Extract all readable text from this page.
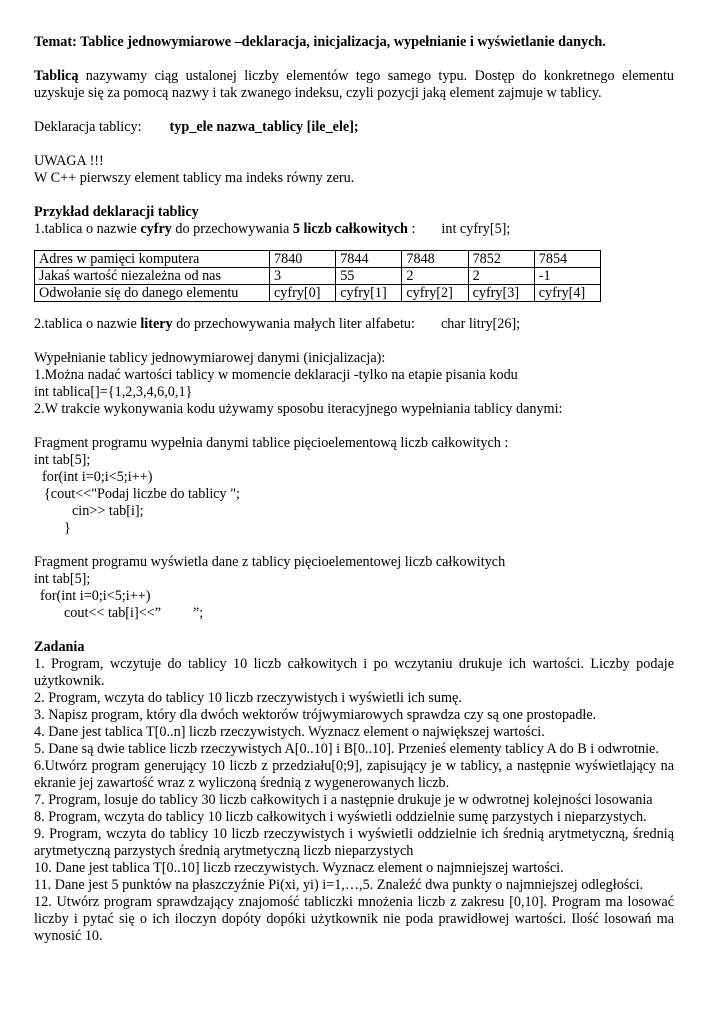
Temat: Tablice jednowymiarowe –deklaracja, inicjalizacja, wypełnianie i wyświetlanie danych.

Tablicą nazywamy ciąg ustalonej liczby elementów tego samego typu. Dostęp do konkretnego elementu uzyskuje się za pomocą nazwy i tak zwanego indeksu, czyli pozycji jaką element zajmuje w tablicy.

Deklaracja tablicy: typ_ele nazwa_tablicy [ile_ele];

UWAGA !!!

W C++ pierwszy element tablicy ma indeks równy zeru.

Przykład deklaracji tablicy

1.tablica o nazwie cyfry do przechowywania 5 liczb całkowitych : int cyfry[5];

Adres w pamięci komputera	7840	7844	7848	7852	7854
Jakaś wartość niezależna od nas	3	55	2	2	-1
Odwołanie się do danego elementu	cyfry[0]	cyfry[1]	cyfry[2]	cyfry[3]	cyfry[4]

2.tablica o nazwie litery do przechowywania małych liter alfabetu: char litry[26];

Wypełnianie tablicy jednowymiarowej danymi (inicjalizacja):

1.Można nadać wartości tablicy w momencie deklaracji -tylko na etapie pisania kodu

int tablica[]={1,2,3,4,6,0,1}

2.W trakcie wykonywania kodu używamy sposobu iteracyjnego wypełniania tablicy danymi:

Fragment programu wypełnia danymi tablice pięcioelementową liczb całkowitych :

int tab[5];

for(int i=0;i<5;i++)

{cout<<"Podaj liczbe do tablicy ";

cin>> tab[i];

}

Fragment programu wyświetla dane z tablicy pięcioelementowej liczb całkowitych

int tab[5];

for(int i=0;i<5;i++)

cout<< tab[i]<<” ”;

Zadania

1. Program, wczytuje do tablicy 10 liczb całkowitych i po wczytaniu drukuje ich wartości. Liczby podaje użytkownik.

2. Program, wczyta do tablicy 10 liczb rzeczywistych i wyświetli ich sumę.

3. Napisz program, który dla dwóch wektorów trójwymiarowych sprawdza czy są one prostopadłe.

4. Dane jest tablica T[0..n] liczb rzeczywistych. Wyznacz element o największej wartości.

5. Dane są dwie tablice liczb rzeczywistych A[0..10] i B[0..10]. Przenieś elementy tablicy A do B i odwrotnie.

6.Utwórz program generujący 10 liczb z przedziału[0;9], zapisujący je w tablicy, a następnie wyświetlający na ekranie jej zawartość wraz z wyliczoną średnią z wygenerowanych liczb.

7. Program, losuje do tablicy 30 liczb całkowitych i a następnie drukuje je w odwrotnej kolejności losowania

8. Program, wczyta do tablicy 10 liczb całkowitych i wyświetli oddzielnie sumę parzystych i nieparzystych.

9. Program, wczyta do tablicy 10 liczb rzeczywistych i wyświetli oddzielnie ich średnią arytmetyczną, średnią arytmetyczną parzystych średnią arytmetyczną liczb nieparzystych

10. Dane jest tablica T[0..10] liczb rzeczywistych. Wyznacz element o najmniejszej wartości.

11. Dane jest 5 punktów na płaszczyźnie Pi(xi, yi) i=1,…,5. Znaleźć dwa punkty o najmniejszej odległości.

12. Utwórz program sprawdzający znajomość tabliczki mnożenia liczb z zakresu [0,10]. Program ma losować liczby i pytać się o ich iloczyn dopóty dopóki użytkownik nie poda prawidłowej wartości. Ilość losowań ma wynosić 10.
